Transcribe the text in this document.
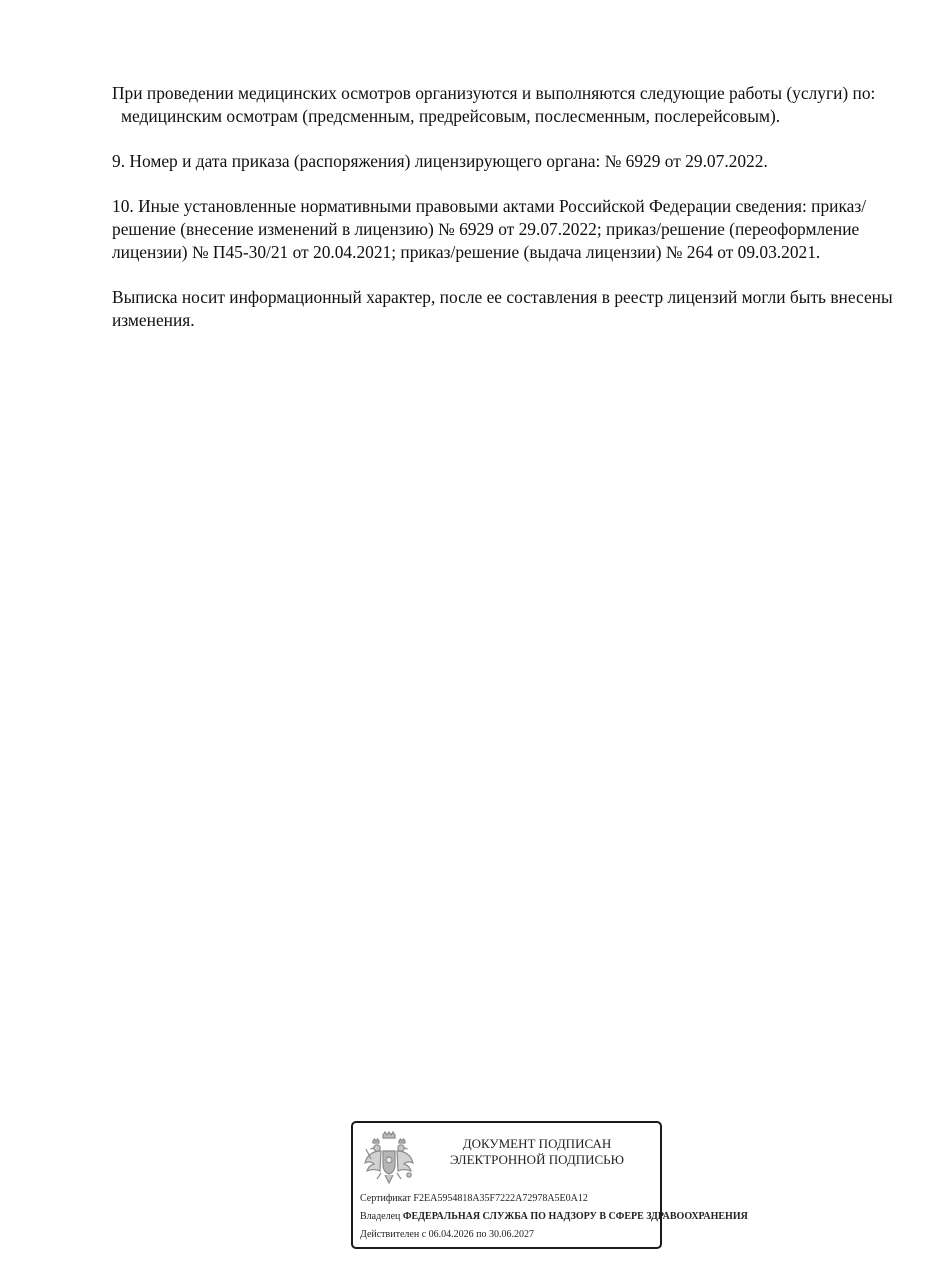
При проведении медицинских осмотров организуются и выполняются следующие работы (услуги) по:

медицинским осмотрам (предсменным, предрейсовым, послесменным, послерейсовым).

9. Номер и дата приказа (распоряжения) лицензирующего органа: № 6929 от 29.07.2022.

10. Иные установленные нормативными правовыми актами Российской Федерации сведения: приказ/решение (внесение изменений в лицензию) № 6929 от 29.07.2022; приказ/решение (переоформление лицензии) № П45-30/21 от 20.04.2021; приказ/решение (выдача лицензии) № 264 от 09.03.2021.

Выписка носит информационный характер, после ее составления в реестр лицензий могли быть внесены изменения.

ДОКУМЕНТ ПОДПИСАН
ЭЛЕКТРОННОЙ ПОДПИСЬЮ
Сертификат F2EA5954818A35F7222A72978A5E0A12
Владелец ФЕДЕРАЛЬНАЯ СЛУЖБА ПО НАДЗОРУ В СФЕРЕ ЗДРАВООХРАНЕНИЯ
Действителен с 06.04.2026 по 30.06.2027
